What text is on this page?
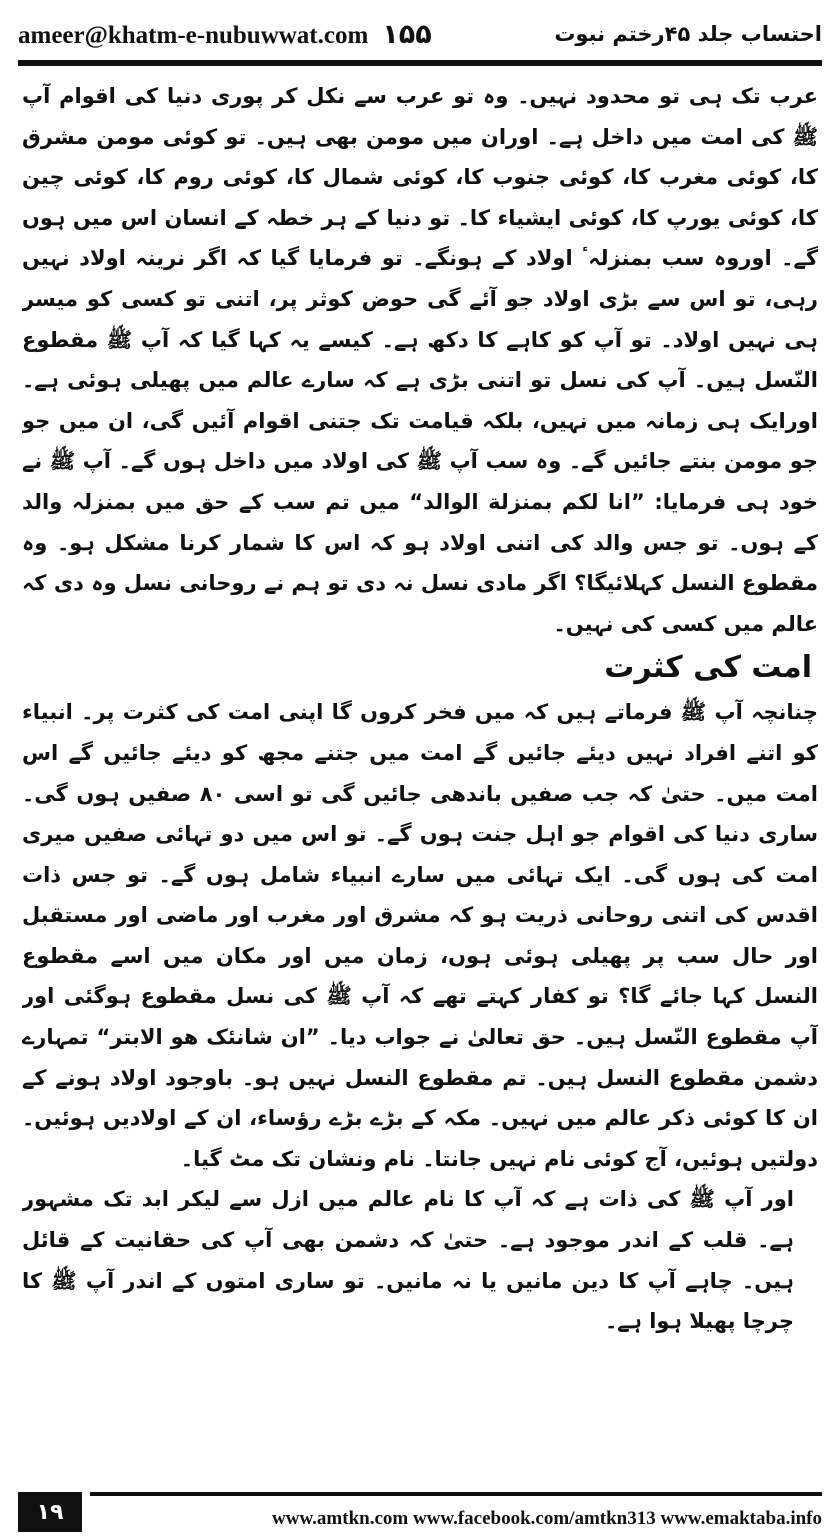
ameer@khatm-e-nubuwwat.com ۱۵۵	احتساب جلد ۴۵رختم نبوت

عرب تک ہی تو محدود نہیں۔ وہ تو عرب سے نکل کر پوری دنیا کی اقوام آپ ﷺ کی امت میں داخل ہے۔ اوران میں مومن بھی ہیں۔ تو کوئی مومن مشرق کا، کوئی مغرب کا، کوئی جنوب کا، کوئی شمال کا، کوئی روم کا، کوئی چین کا، کوئی یورپ کا، کوئی ایشیاء کا۔ تو دنیا کے ہر خطہ کے انسان اس میں ہوں گے۔ اوروہ سب بمنزلہٴ اولاد کے ہونگے۔ تو فرمایا گیا کہ اگر نرینہ اولاد نہیں رہی، تو اس سے بڑی اولاد جو آئے گی حوض کوثر پر، اتنی تو کسی کو میسر ہی نہیں اولاد۔ تو آپ کو کاہے کا دکھ ہے۔ کیسے یہ کہا گیا کہ آپ ﷺ مقطوع النّسل ہیں۔ آپ کی نسل تو اتنی بڑی ہے کہ سارے عالم میں پھیلی ہوئی ہے۔ اورایک ہی زمانہ میں نہیں، بلکہ قیامت تک جتنی اقوام آئیں گی، ان میں جو جو مومن بنتے جائیں گے۔ وہ سب آپ ﷺ کی اولاد میں داخل ہوں گے۔ آپ ﷺ نے خود ہی فرمایا: ”انا لکم بمنزلة الوالد“ میں تم سب کے حق میں بمنزلہ والد کے ہوں۔ تو جس والد کی اتنی اولاد ہو کہ اس کا شمار کرنا مشکل ہو۔ وہ مقطوع النسل کہلائیگا؟ اگر مادی نسل نہ دی تو ہم نے روحانی نسل وہ دی کہ عالم میں کسی کی نہیں۔

امت کی کثرت

چنانچہ آپ ﷺ فرماتے ہیں کہ میں فخر کروں گا اپنی امت کی کثرت پر۔ انبیاء کو اتنے افراد نہیں دیئے جائیں گے امت میں جتنے مجھ کو دیئے جائیں گے اس امت میں۔ حتیٰ کہ جب صفیں باندھی جائیں گی تو اسی ۸۰ صفیں ہوں گی۔ ساری دنیا کی اقوام جو اہل جنت ہوں گے۔ تو اس میں دو تہائی صفیں میری امت کی ہوں گی۔ ایک تہائی میں سارے انبیاء شامل ہوں گے۔ تو جس ذات اقدس کی اتنی روحانی ذریت ہو کہ مشرق اور مغرب اور ماضی اور مستقبل اور حال سب پر پھیلی ہوئی ہوں، زمان میں اور مکان میں اسے مقطوع النسل کہا جائے گا؟ تو کفار کہتے تھے کہ آپ ﷺ کی نسل مقطوع ہوگئی اور آپ مقطوع النّسل ہیں۔ حق تعالیٰ نے جواب دیا۔ ”ان شانئک هو الابتر“ تمہارے دشمن مقطوع النسل ہیں۔ تم مقطوع النسل نہیں ہو۔ باوجود اولاد ہونے کے ان کا کوئی ذکر عالم میں نہیں۔ مکہ کے بڑے بڑے رؤساء، ان کے اولادیں ہوئیں۔ دولتیں ہوئیں، آج کوئی نام نہیں جانتا۔ نام ونشان تک مٹ گیا۔

اور آپ ﷺ کی ذات ہے کہ آپ کا نام عالم میں ازل سے لیکر ابد تک مشہور ہے۔ قلب کے اندر موجود ہے۔ حتیٰ کہ دشمن بھی آپ کی حقانیت کے قائل ہیں۔ چاہے آپ کا دین مانیں یا نہ مانیں۔ تو ساری امتوں کے اندر آپ ﷺ کا چرچا پھیلا ہوا ہے۔

۱۹	www.amtkn.com www.facebook.com/amtkn313 www.emaktaba.info
